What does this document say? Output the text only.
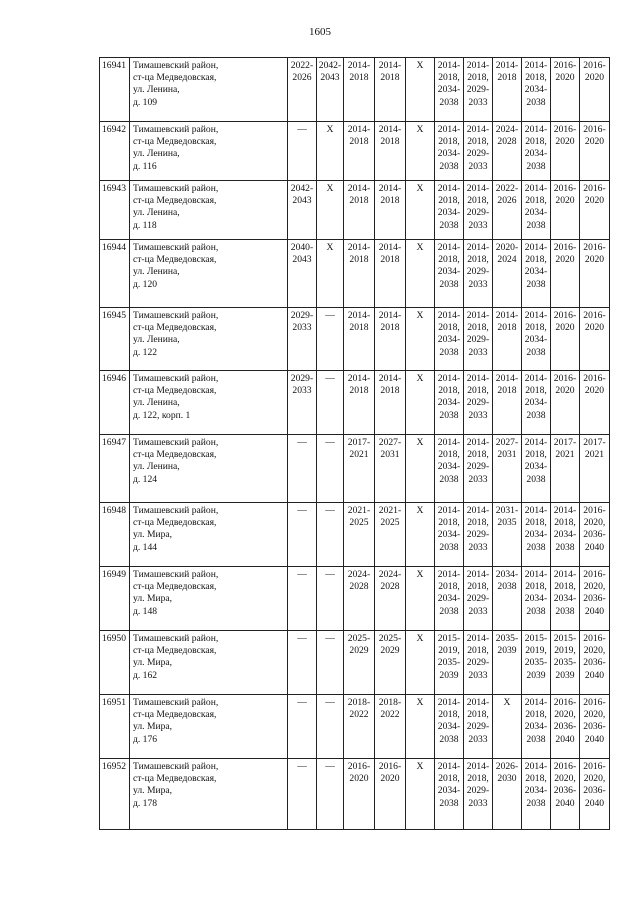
1605
16941	Тимашевский район,
ст-ца Медведовская,
ул. Ленина,
д. 109	2022-
2026	2042-
2043	2014-
2018	2014-
2018	Х	2014-
2018,
2034-
2038	2014-
2018,
2029-
2033	2014-
2018	2014-
2018,
2034-
2038	2016-
2020	2016-
2020

16942	Тимашевский район,
ст-ца Медведовская,
ул. Ленина,
д. 116	—	Х	2014-
2018	2014-
2018	Х	2014-
2018,
2034-
2038	2014-
2018,
2029-
2033	2024-
2028	2014-
2018,
2034-
2038	2016-
2020	2016-
2020

16943	Тимашевский район,
ст-ца Медведовская,
ул. Ленина,
д. 118	2042-
2043	Х	2014-
2018	2014-
2018	Х	2014-
2018,
2034-
2038	2014-
2018,
2029-
2033	2022-
2026	2014-
2018,
2034-
2038	2016-
2020	2016-
2020

16944	Тимашевский район,
ст-ца Медведовская,
ул. Ленина,
д. 120	2040-
2043	Х	2014-
2018	2014-
2018	Х	2014-
2018,
2034-
2038	2014-
2018,
2029-
2033	2020-
2024	2014-
2018,
2034-
2038	2016-
2020	2016-
2020

16945	Тимашевский район,
ст-ца Медведовская,
ул. Ленина,
д. 122	2029-
2033	—	2014-
2018	2014-
2018	Х	2014-
2018,
2034-
2038	2014-
2018,
2029-
2033	2014-
2018	2014-
2018,
2034-
2038	2016-
2020	2016-
2020

16946	Тимашевский район,
ст-ца Медведовская,
ул. Ленина,
д. 122, корп. 1	2029-
2033	—	2014-
2018	2014-
2018	Х	2014-
2018,
2034-
2038	2014-
2018,
2029-
2033	2014-
2018	2014-
2018,
2034-
2038	2016-
2020	2016-
2020

16947	Тимашевский район,
ст-ца Медведовская,
ул. Ленина,
д. 124	—	—	2017-
2021	2027-
2031	Х	2014-
2018,
2034-
2038	2014-
2018,
2029-
2033	2027-
2031	2014-
2018,
2034-
2038	2017-
2021	2017-
2021

16948	Тимашевский район,
ст-ца Медведовская,
ул. Мира,
д. 144	—	—	2021-
2025	2021-
2025	Х	2014-
2018,
2034-
2038	2014-
2018,
2029-
2033	2031-
2035	2014-
2018,
2034-
2038	2014-
2018,
2034-
2038	2016-
2020,
2036-
2040

16949	Тимашевский район,
ст-ца Медведовская,
ул. Мира,
д. 148	—	—	2024-
2028	2024-
2028	Х	2014-
2018,
2034-
2038	2014-
2018,
2029-
2033	2034-
2038	2014-
2018,
2034-
2038	2014-
2018,
2034-
2038	2016-
2020,
2036-
2040

16950	Тимашевский район,
ст-ца Медведовская,
ул. Мира,
д. 162	—	—	2025-
2029	2025-
2029	Х	2015-
2019,
2035-
2039	2014-
2018,
2029-
2033	2035-
2039	2015-
2019,
2035-
2039	2015-
2019,
2035-
2039	2016-
2020,
2036-
2040

16951	Тимашевский район,
ст-ца Медведовская,
ул. Мира,
д. 176	—	—	2018-
2022	2018-
2022	Х	2014-
2018,
2034-
2038	2014-
2018,
2029-
2033	Х	2014-
2018,
2034-
2038	2016-
2020,
2036-
2040	2016-
2020,
2036-
2040

16952	Тимашевский район,
ст-ца Медведовская,
ул. Мира,
д. 178	—	—	2016-
2020	2016-
2020	Х	2014-
2018,
2034-
2038	2014-
2018,
2029-
2033	2026-
2030	2014-
2018,
2034-
2038	2016-
2020,
2036-
2040	2016-
2020,
2036-
2040
